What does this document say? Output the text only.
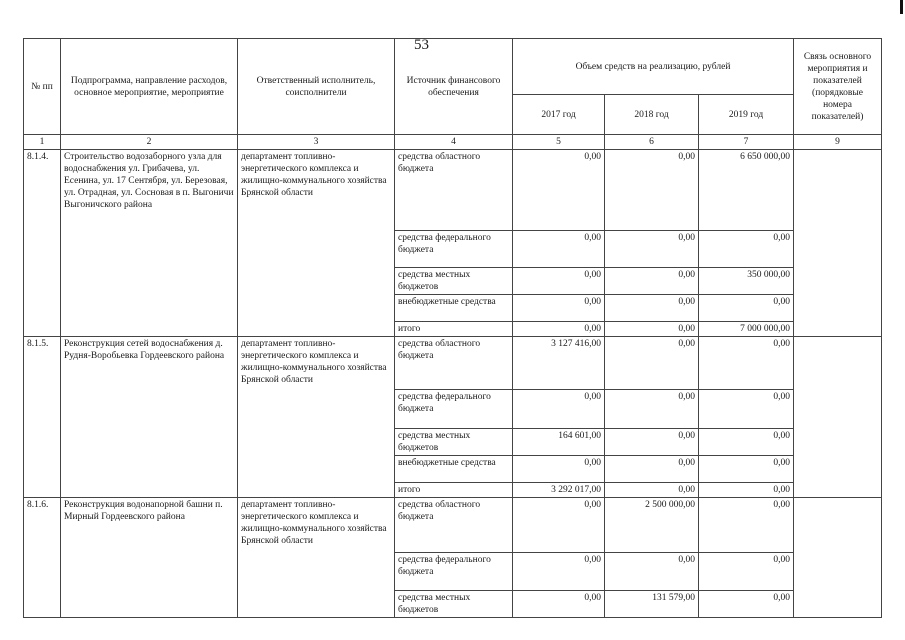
53
№ пп	Подпрограмма, направление расходов, основное мероприятие, мероприятие	Ответственный исполнитель, соисполнители	Источник финансового обеспечения	Объем средств на реализацию, рублей			Связь основного мероприятия и показателей (порядковые номера показателей)
				2017 год	2018 год	2019 год	
1	2	3	4	5	6	7	9
8.1.4.	Строительство водозаборного узла для водоснабжения ул. Грибачева, ул. Есенина, ул. 17 Сентября, ул. Березовая, ул. Отрадная, ул. Сосновая в п. Выгоничи Выгоничского района	департамент топливно-энергетического комплекса и жилищно-коммунального хозяйства Брянской области	средства областного бюджета	0,00	0,00	6 650 000,00	
			средства федерального бюджета	0,00	0,00	0,00	
			средства местных бюджетов	0,00	0,00	350 000,00	
			внебюджетные средства	0,00	0,00	0,00	
			итого	0,00	0,00	7 000 000,00	
8.1.5.	Реконструкция сетей водоснабжения д. Рудня-Воробьевка Гордеевского района	департамент топливно-энергетического комплекса и жилищно-коммунального хозяйства Брянской области	средства областного бюджета	3 127 416,00	0,00	0,00	
			средства федерального бюджета	0,00	0,00	0,00	
			средства местных бюджетов	164 601,00	0,00	0,00	
			внебюджетные средства	0,00	0,00	0,00	
			итого	3 292 017,00	0,00	0,00	
8.1.6.	Реконструкция водонапорной башни п. Мирный Гордеевского района	департамент топливно-энергетического комплекса и жилищно-коммунального хозяйства Брянской области	средства областного бюджета	0,00	2 500 000,00	0,00	
			средства федерального бюджета	0,00	0,00	0,00	
			средства местных бюджетов	0,00	131 579,00	0,00	
